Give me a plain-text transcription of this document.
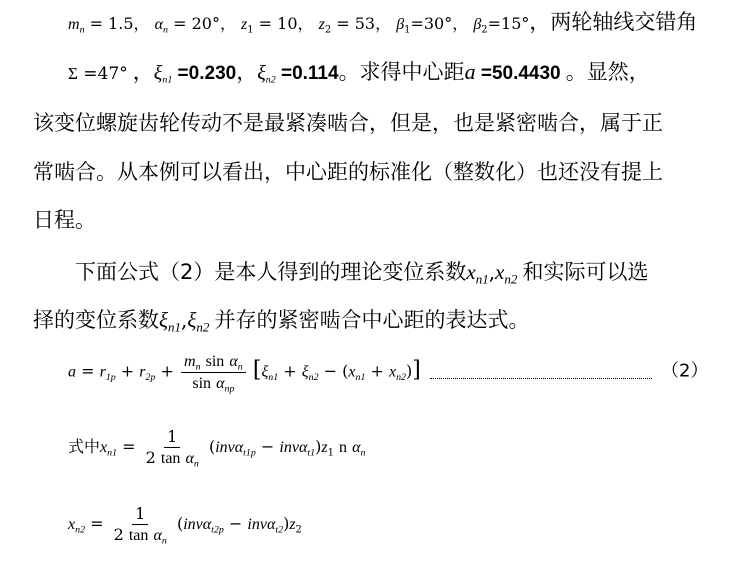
$m_n = 1.5$， $\alpha_n = 20^\circ$， $z_1 = 10$， $z_2 = 53$， $\beta_1=30^\circ$， $\beta_2=15^\circ$，两轮轴线交错角
Σ =47° ，$\xi_{n1} =0.230$，$\xi_{n2} =0.114$。求得中心距a =50.4430 。显然，
该变位螺旋齿轮传动不是最紧凑啮合，但是，也是紧密啮合，属于正
常啮合。从本例可以看出，中心距的标准化（整数化）也还没有提上
日程。
下面公式（2）是本人得到的理论变位系数$x_{n1},x_{n2}$ 和实际可以选
择的变位系数$\xi_{n1},\xi_{n2}$ 并存的紧密啮合中心距的表达式。
$a = r_{1p} + r_{2p} + \frac{m_n \sin \alpha_n}{\sin \alpha_{np}} [\xi_{n1} + \xi_{n2} - (x_{n1} + x_{n2})]$	（2）
式中$x_{n1} = \frac{1}{2 \tan \alpha_n} (inv\alpha_{t1p} - inv\alpha_{t1})z_1$ n $\alpha_n$
$x_{n2} = \frac{1}{2 \tan \alpha_n} (inv\alpha_{t2p} - inv\alpha_{t2})z_2$
